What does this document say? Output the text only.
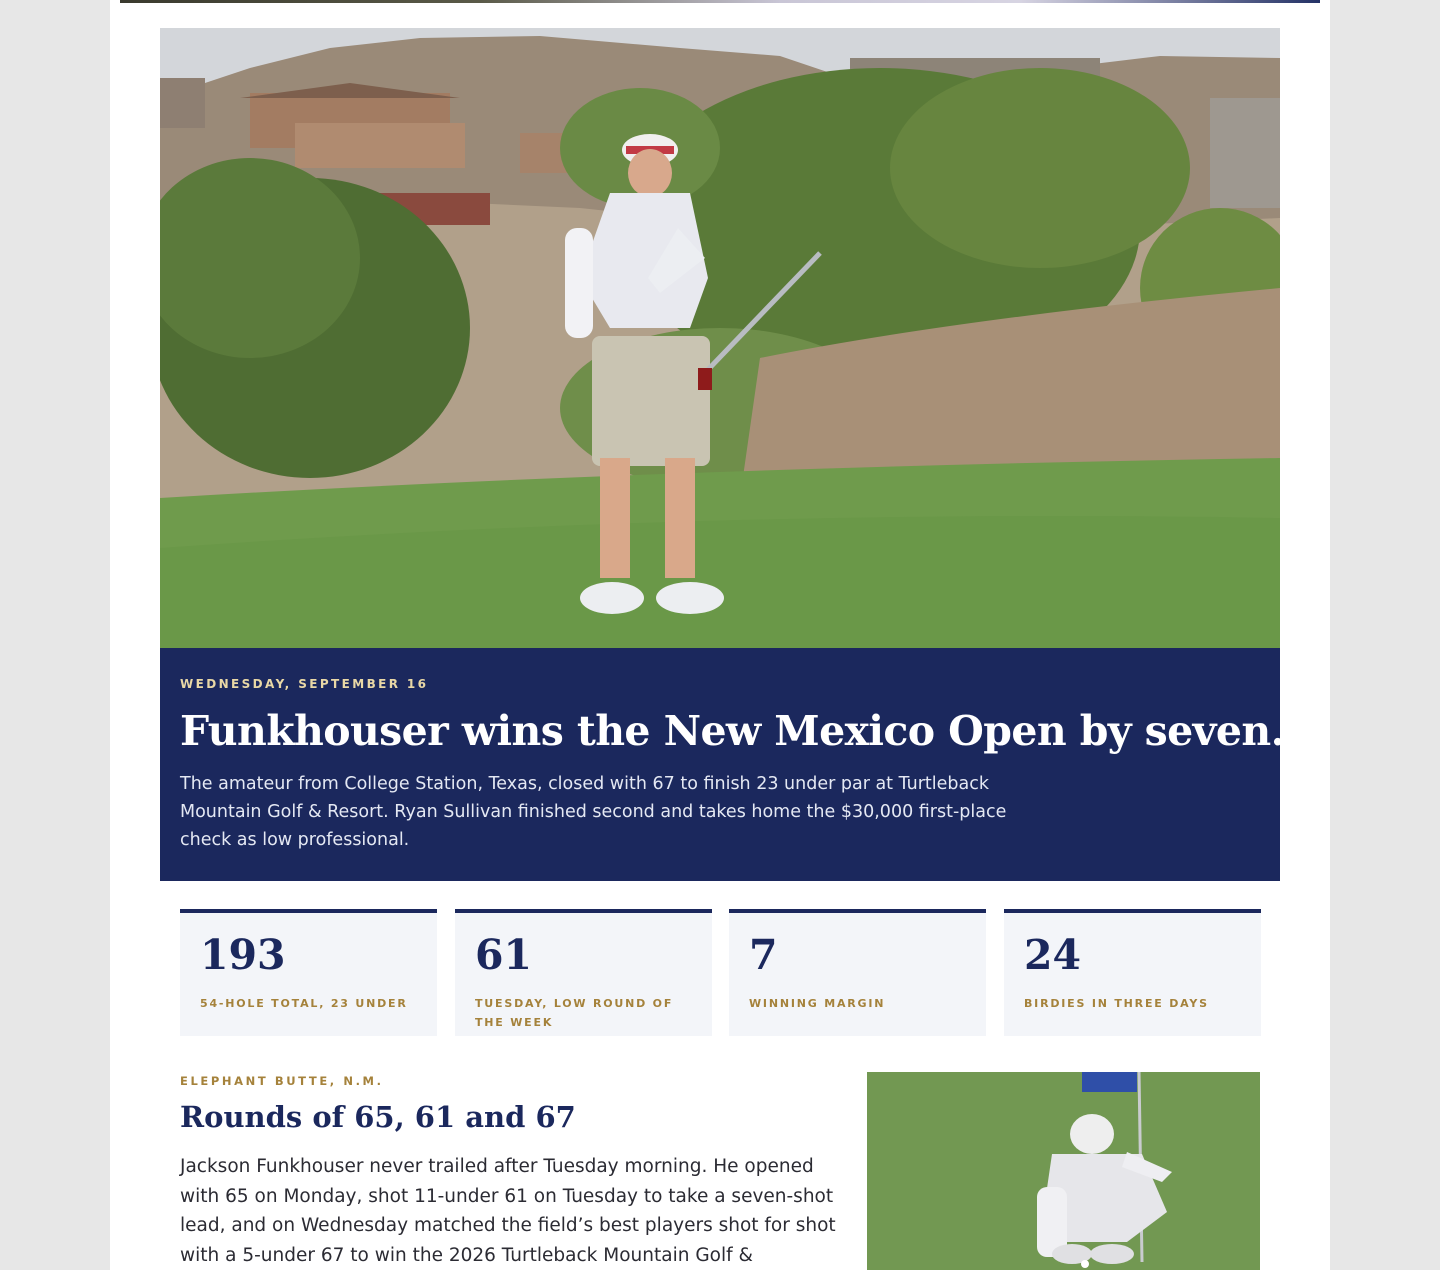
WEDNESDAY, SEPTEMBER 16
Funkhouser wins the New Mexico Open by seven.

The amateur from College Station, Texas, closed with 67 to finish 23 under par at Turtleback Mountain Golf & Resort. Ryan Sullivan finished second and takes home the $30,000 first-place check as low professional.

193
54-HOLE TOTAL, 23 UNDER
61
TUESDAY, LOW ROUND OF THE WEEK
7
WINNING MARGIN
24
BIRDIES IN THREE DAYS
ELEPHANT BUTTE, N.M.
Rounds of 65, 61 and 67

Jackson Funkhouser never trailed after Tuesday morning. He opened with 65 on Monday, shot 11-under 61 on Tuesday to take a seven-shot lead, and on Wednesday matched the field’s best players shot for shot with a 5-under 67 to win the 2026 Turtleback Mountain Golf &
